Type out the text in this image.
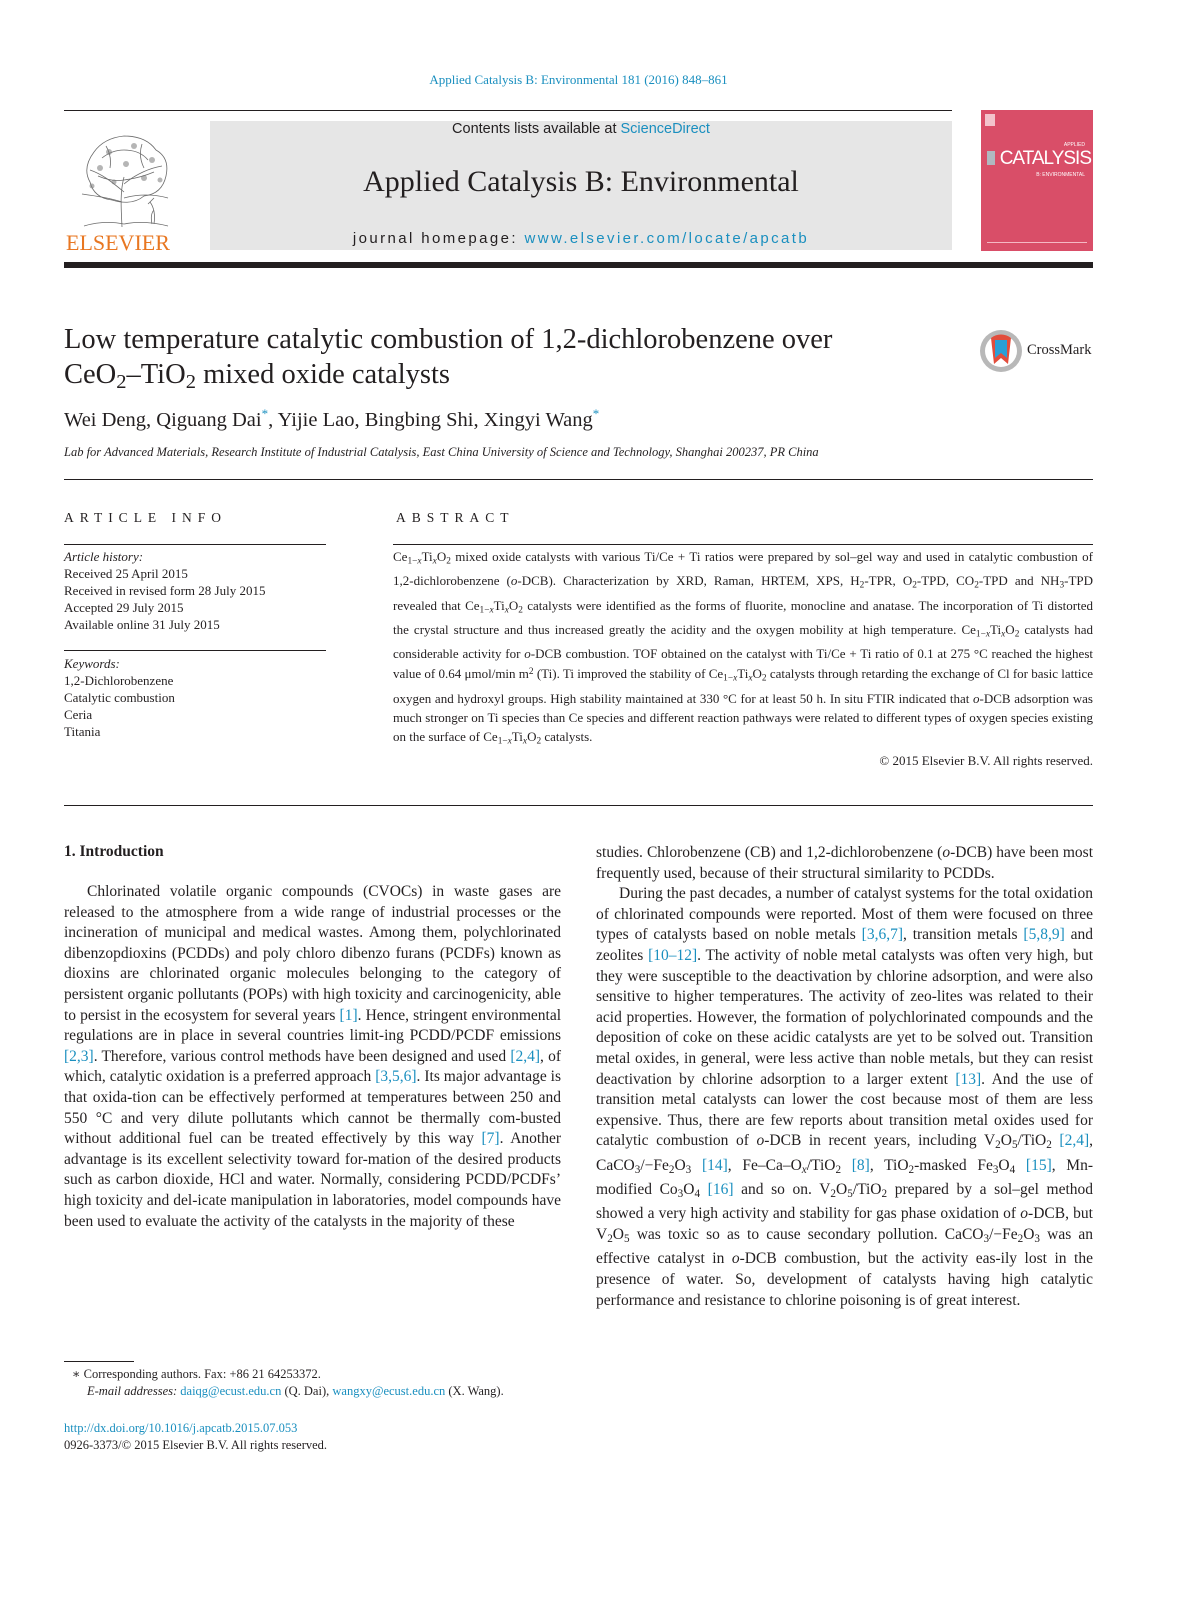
Applied Catalysis B: Environmental 181 (2016) 848–861
ELSEVIER
Contents lists available at ScienceDirect
Applied Catalysis B: Environmental
journal homepage: www.elsevier.com/locate/apcatb
APPLIED
CATALYSIS
B: ENVIRONMENTAL
Low temperature catalytic combustion of 1,2-dichlorobenzene over
CeO$_2$–TiO$_2$ mixed oxide catalysts
CrossMark
Wei Deng, Qiguang Dai*, Yijie Lao, Bingbing Shi, Xingyi Wang*
Lab for Advanced Materials, Research Institute of Industrial Catalysis, East China University of Science and Technology, Shanghai 200237, PR China
ARTICLE INFO
Article history:
Received 25 April 2015
Received in revised form 28 July 2015
Accepted 29 July 2015
Available online 31 July 2015
Keywords:
1,2-Dichlorobenzene
Catalytic combustion
Ceria
Titania
ABSTRACT
$Ce_{1-x}Ti_xO_2$ mixed oxide catalysts with various Ti/Ce + Ti ratios were prepared by sol–gel way and used in catalytic combustion of 1,2-dichlorobenzene (o-DCB). Characterization by XRD, Raman, HRTEM, XPS, $H_2$-TPR, $O_2$-TPD, $CO_2$-TPD and $NH_3$-TPD revealed that $Ce_{1-x}Ti_xO_2$ catalysts were identified as the forms of fluorite, monocline and anatase. The incorporation of Ti distorted the crystal structure and thus increased greatly the acidity and the oxygen mobility at high temperature. $Ce_{1-x}Ti_xO_2$ catalysts had considerable activity for o-DCB combustion. TOF obtained on the catalyst with Ti/Ce + Ti ratio of 0.1 at 275 °C reached the highest value of 0.64 μmol/min $m^2$ (Ti). Ti improved the stability of $Ce_{1-x}Ti_xO_2$ catalysts through retarding the exchange of Cl for basic lattice oxygen and hydroxyl groups. High stability maintained at 330 °C for at least 50 h. In situ FTIR indicated that o-DCB adsorption was much stronger on Ti species than Ce species and different reaction pathways were related to different types of oxygen species existing on the surface of $Ce_{1-x}Ti_xO_2$ catalysts.
© 2015 Elsevier B.V. All rights reserved.
1. Introduction

Chlorinated volatile organic compounds (CVOCs) in waste gases are released to the atmosphere from a wide range of industrial processes or the incineration of municipal and medical wastes. Among them, polychlorinated dibenzopdioxins (PCDDs) and poly chloro dibenzo furans (PCDFs) known as dioxins are chlorinated organic molecules belonging to the category of persistent organic pollutants (POPs) with high toxicity and carcinogenicity, able to persist in the ecosystem for several years [1]. Hence, stringent environmental regulations are in place in several countries limit-ing PCDD/PCDF emissions [2,3]. Therefore, various control methods have been designed and used [2,4], of which, catalytic oxidation is a preferred approach [3,5,6]. Its major advantage is that oxida-tion can be effectively performed at temperatures between 250 and 550 °C and very dilute pollutants which cannot be thermally com-busted without additional fuel can be treated effectively by this way [7]. Another advantage is its excellent selectivity toward for-mation of the desired products such as carbon dioxide, HCl and water. Normally, considering PCDD/PCDFs’ high toxicity and del-icate manipulation in laboratories, model compounds have been used to evaluate the activity of the catalysts in the majority of these

studies. Chlorobenzene (CB) and 1,2-dichlorobenzene (o-DCB) have been most frequently used, because of their structural similarity to PCDDs.

During the past decades, a number of catalyst systems for the total oxidation of chlorinated compounds were reported. Most of them were focused on three types of catalysts based on noble metals [3,6,7], transition metals [5,8,9] and zeolites [10–12]. The activity of noble metal catalysts was often very high, but they were susceptible to the deactivation by chlorine adsorption, and were also sensitive to higher temperatures. The activity of zeo-lites was related to their acid properties. However, the formation of polychlorinated compounds and the deposition of coke on these acidic catalysts are yet to be solved out. Transition metal oxides, in general, were less active than noble metals, but they can resist deactivation by chlorine adsorption to a larger extent [13]. And the use of transition metal catalysts can lower the cost because most of them are less expensive. Thus, there are few reports about transition metal oxides used for catalytic combustion of o-DCB in recent years, including $V_2O_5/TiO_2$ [2,4], $CaCO_3/-Fe_2O_3$ [14], $Fe-Ca-O_x/TiO_2$ [8], TiO$_2$-masked $Fe_3O_4$ [15], Mn-modified $Co_3O_4$ [16] and so on. $V_2O_5/TiO_2$ prepared by a sol–gel method showed a very high activity and stability for gas phase oxidation of o-DCB, but $V_2O_5$ was toxic so as to cause secondary pollution. $CaCO_3/-Fe_2O_3$ was an effective catalyst in o-DCB combustion, but the activity eas-ily lost in the presence of water. So, development of catalysts having high catalytic performance and resistance to chlorine poisoning is of great interest.

∗ Corresponding authors. Fax: +86 21 64253372.
E-mail addresses: daiqg@ecust.edu.cn (Q. Dai), wangxy@ecust.edu.cn (X. Wang).
http://dx.doi.org/10.1016/j.apcatb.2015.07.053
0926-3373/© 2015 Elsevier B.V. All rights reserved.
